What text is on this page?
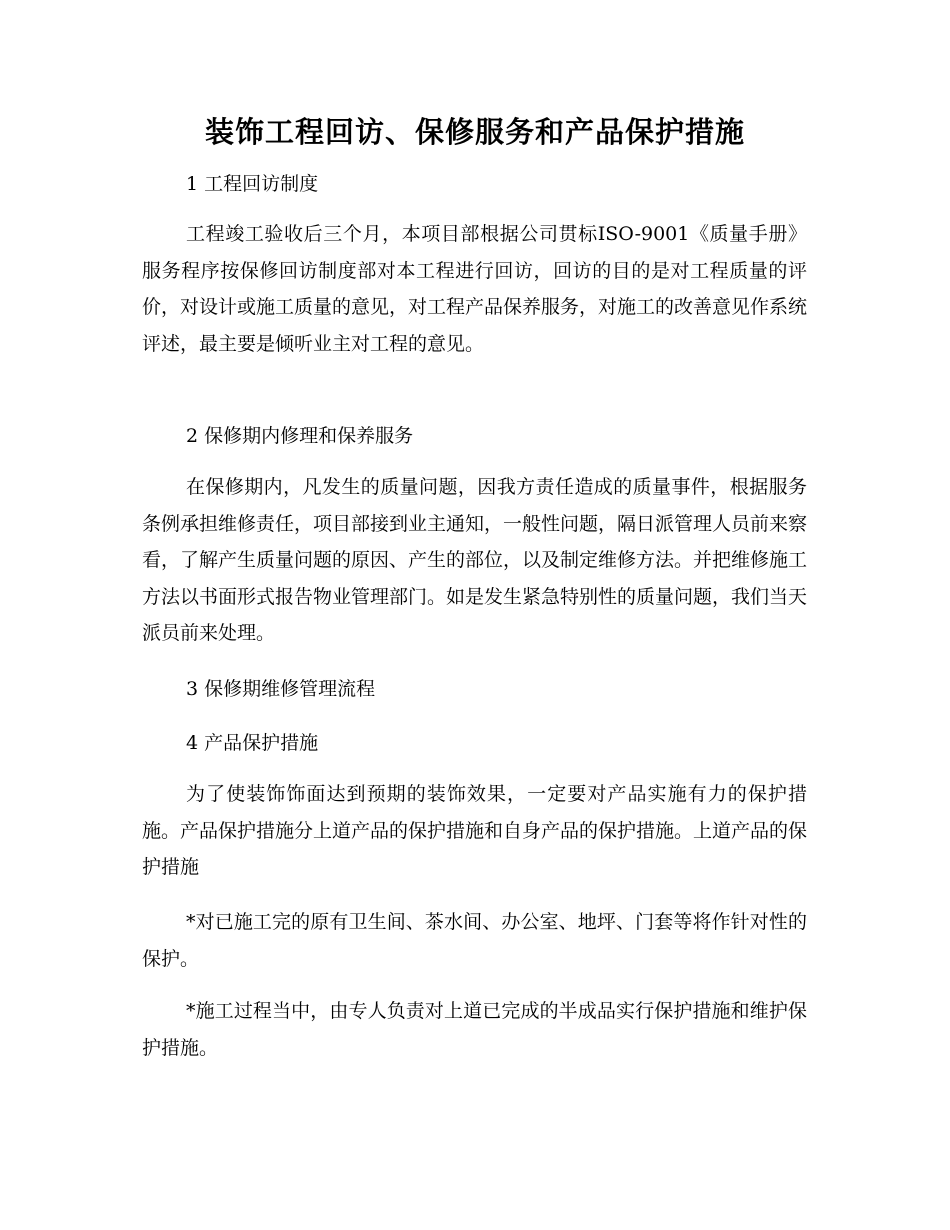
装饰工程回访、保修服务和产品保护措施

1 工程回访制度

工程竣工验收后三个月，本项目部根据公司贯标ISO-9001《质量手册》服务程序按保修回访制度部对本工程进行回访，回访的目的是对工程质量的评价，对设计或施工质量的意见，对工程产品保养服务，对施工的改善意见作系统评述，最主要是倾听业主对工程的意见。

2 保修期内修理和保养服务

在保修期内，凡发生的质量问题，因我方责任造成的质量事件，根据服务条例承担维修责任，项目部接到业主通知，一般性问题，隔日派管理人员前来察看，了解产生质量问题的原因、产生的部位，以及制定维修方法。并把维修施工方法以书面形式报告物业管理部门。如是发生紧急特别性的质量问题，我们当天派员前来处理。

3 保修期维修管理流程

4 产品保护措施

为了使装饰饰面达到预期的装饰效果，一定要对产品实施有力的保护措施。产品保护措施分上道产品的保护措施和自身产品的保护措施。上道产品的保护措施

*对已施工完的原有卫生间、茶水间、办公室、地坪、门套等将作针对性的保护。

*施工过程当中，由专人负责对上道已完成的半成品实行保护措施和维护保护措施。
